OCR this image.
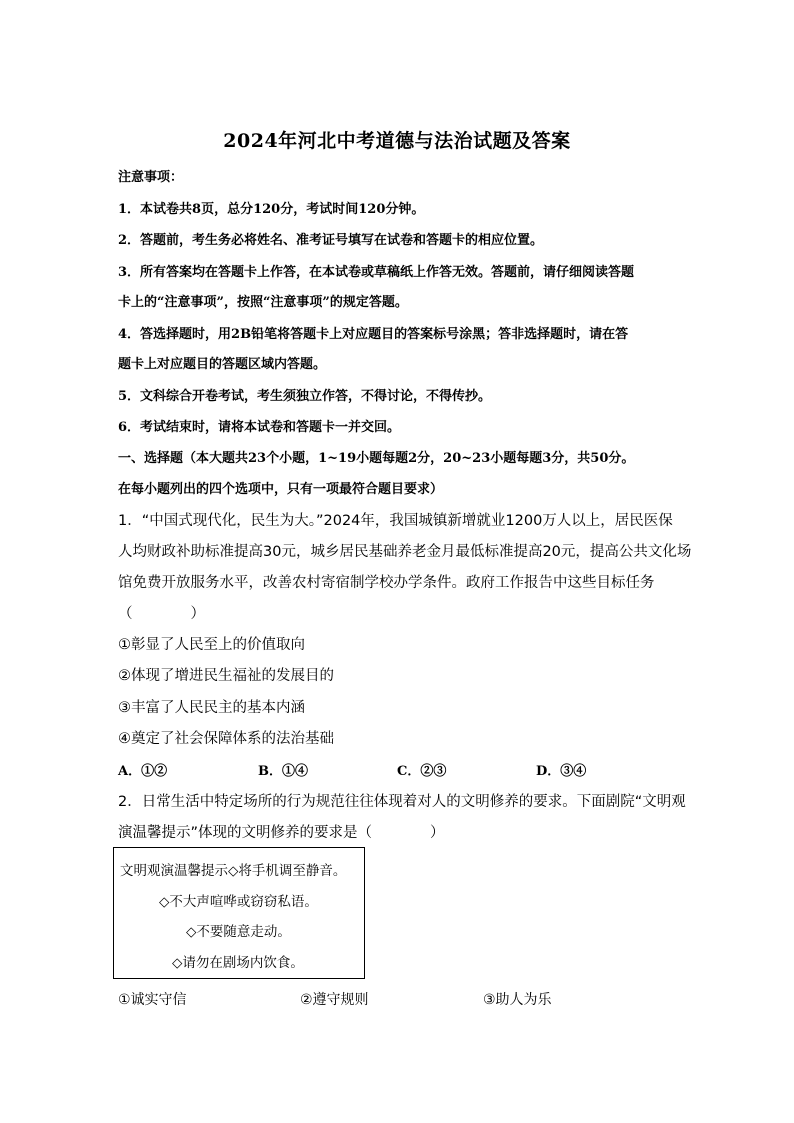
2024年河北中考道德与法治试题及答案
注意事项：
1．本试卷共8页，总分120分，考试时间120分钟。
2．答题前，考生务必将姓名、准考证号填写在试卷和答题卡的相应位置。
3．所有答案均在答题卡上作答，在本试卷或草稿纸上作答无效。答题前，请仔细阅读答题
卡上的“注意事项”，按照“注意事项”的规定答题。
4．答选择题时，用2B铅笔将答题卡上对应题目的答案标号涂黑；答非选择题时，请在答
题卡上对应题目的答题区域内答题。
5．文科综合开卷考试，考生须独立作答，不得讨论，不得传抄。
6．考试结束时，请将本试卷和答题卡一并交回。
一、选择题（本大题共23个小题，1~19小题每题2分，20~23小题每题3分，共50分。
在每小题列出的四个选项中，只有一项最符合题目要求）
1．“中国式现代化，民生为大。”2024年，我国城镇新增就业1200万人以上，居民医保
人均财政补助标准提高30元，城乡居民基础养老金月最低标准提高20元，提高公共文化场
馆免费开放服务水平，改善农村寄宿制学校办学条件。政府工作报告中这些目标任务
（　　　　）
①彰显了人民至上的价值取向
②体现了增进民生福祉的发展目的
③丰富了人民民主的基本内涵
④奠定了社会保障体系的法治基础
A．①②	B．①④	C．②③	D．③④
2．日常生活中特定场所的行为规范往往体现着对人的文明修养的要求。下面剧院“文明观
演温馨提示”体现的文明修养的要求是（　　　　）
文明观演温馨提示◇将手机调至静音。
◇不大声喧哗或窃窃私语。
◇不要随意走动。
◇请勿在剧场内饮食。
①诚实守信	②遵守规则	③助人为乐
